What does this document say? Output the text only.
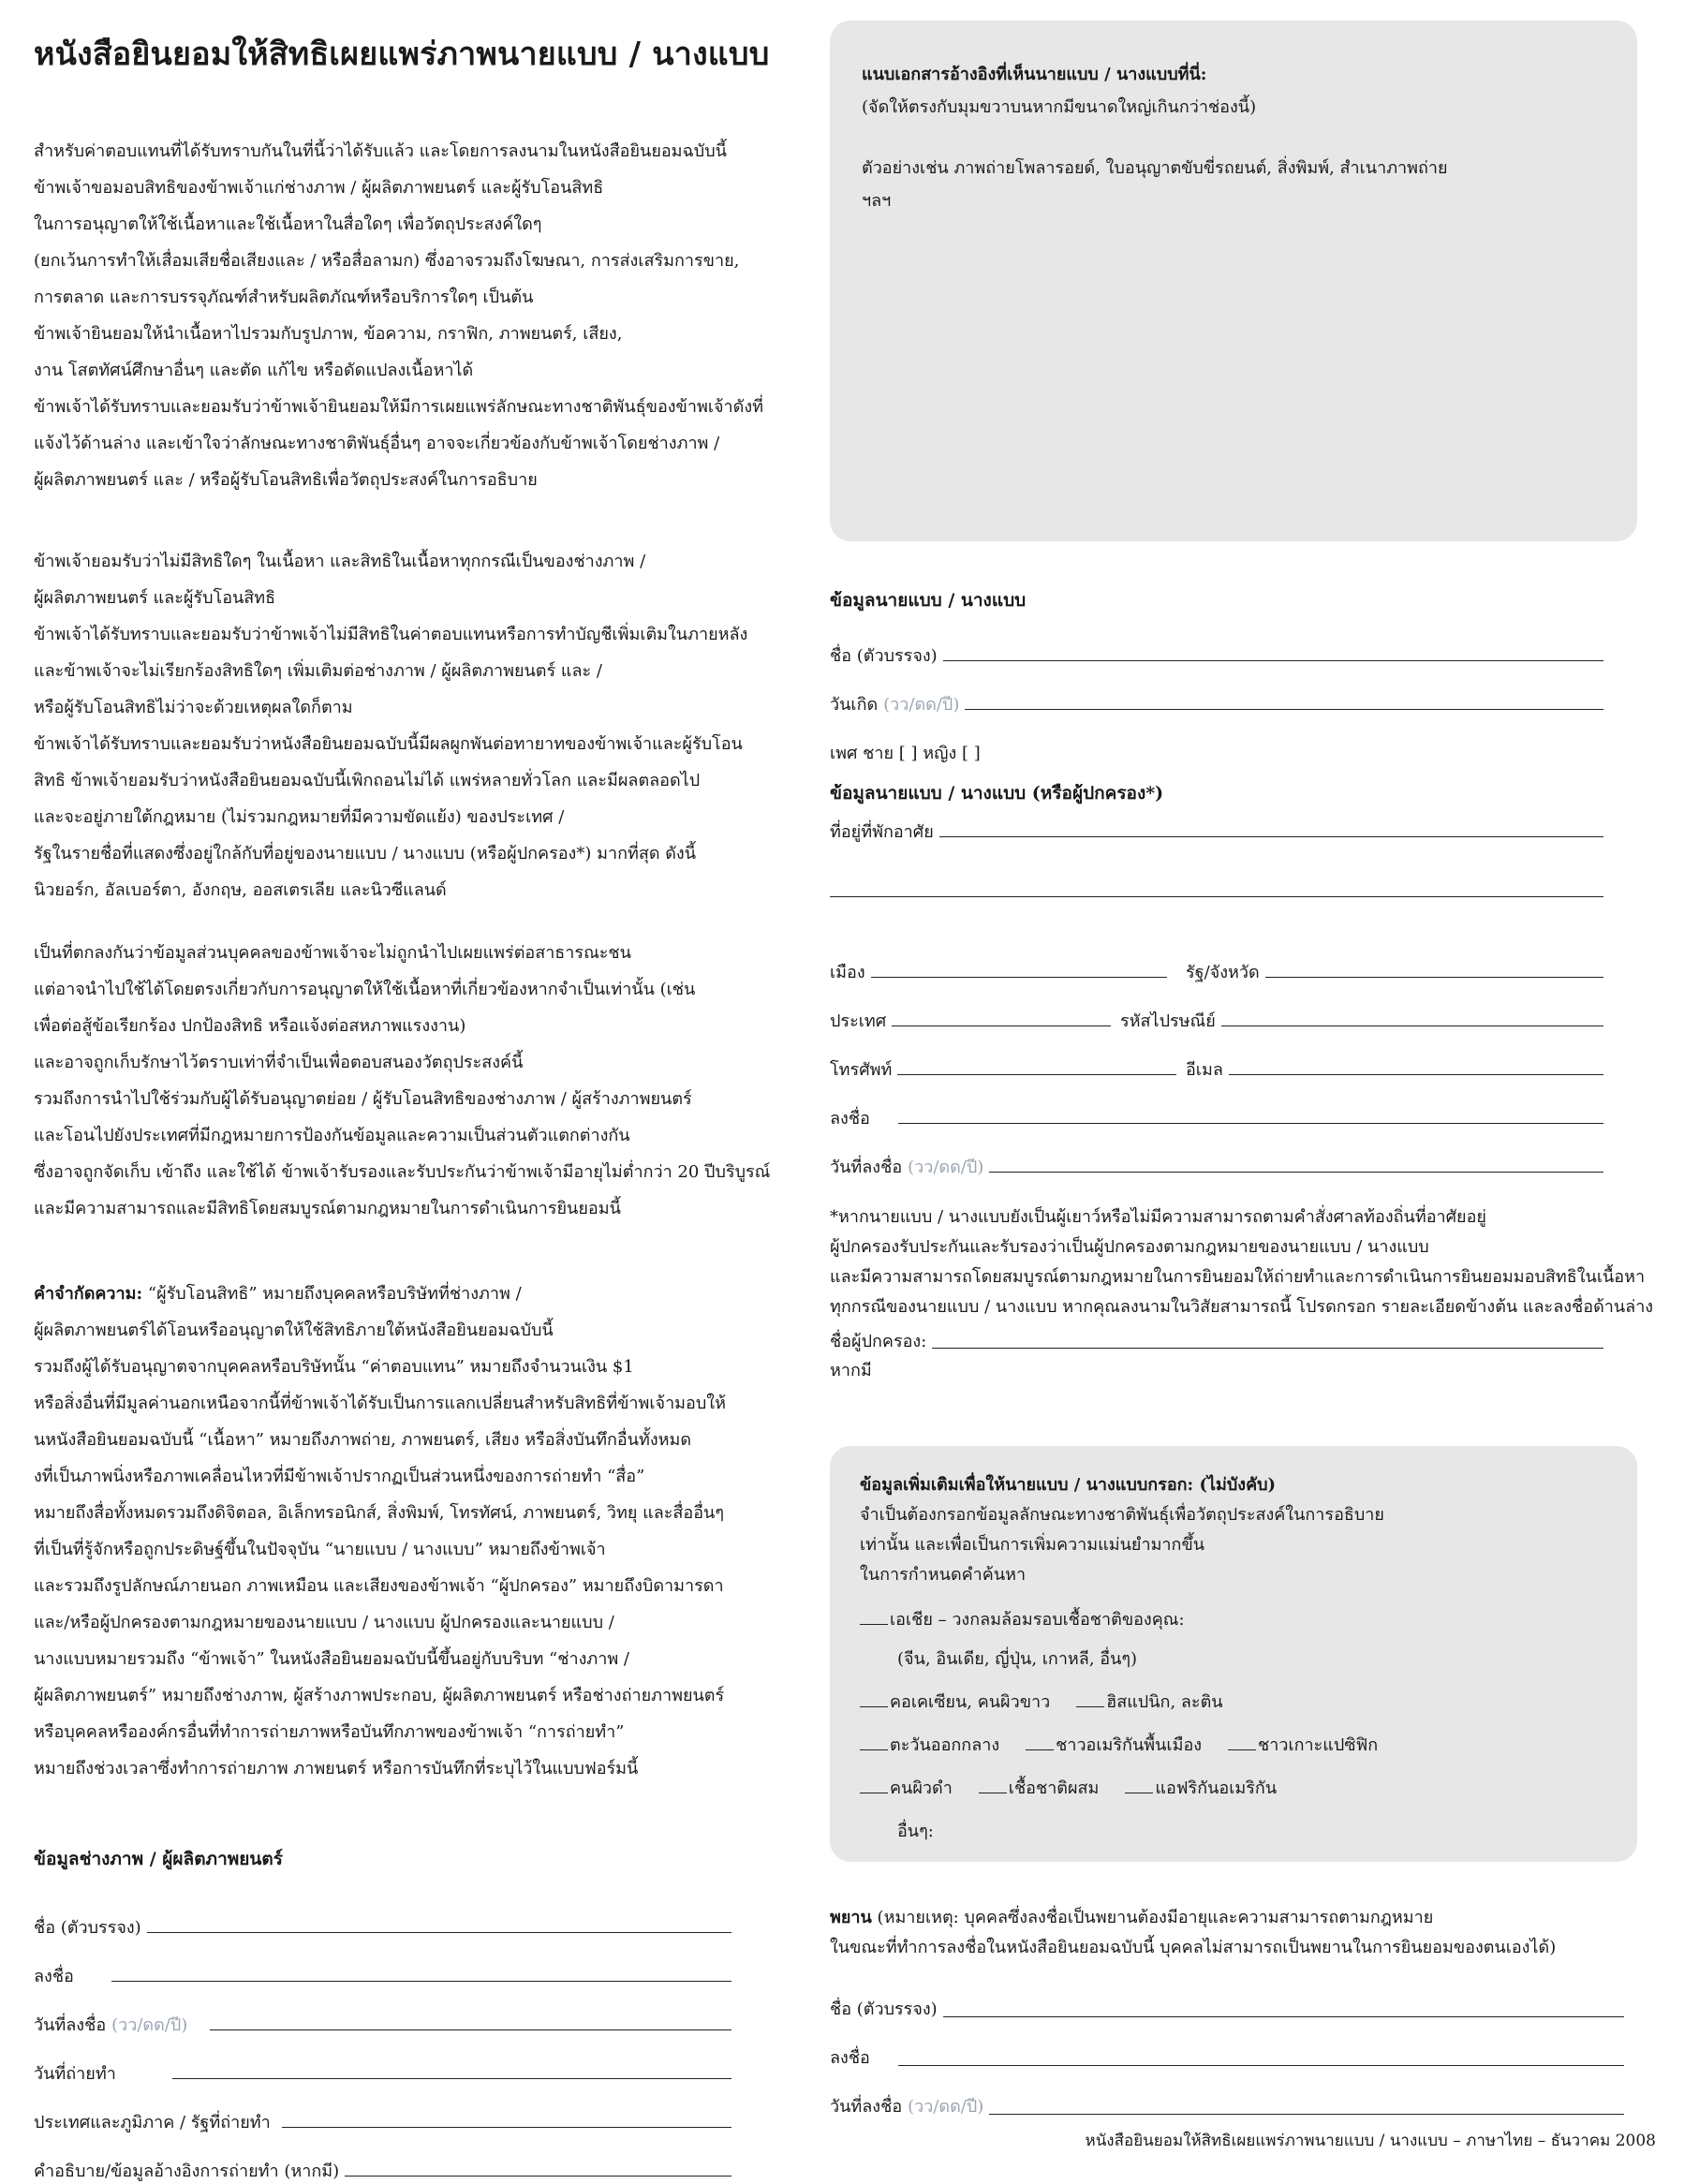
หนังสือยินยอมให้สิทธิเผยแพร่ภาพนายแบบ / นางแบบ
สำหรับค่าตอบแทนที่ได้รับทราบกันในที่นี้ว่าได้รับแล้ว และโดยการลงนามในหนังสือยินยอมฉบับนี้
ข้าพเจ้าขอมอบสิทธิของข้าพเจ้าแก่ช่างภาพ / ผู้ผลิตภาพยนตร์ และผู้รับโอนสิทธิ
ในการอนุญาตให้ใช้เนื้อหาและใช้เนื้อหาในสื่อใดๆ เพื่อวัตถุประสงค์ใดๆ
(ยกเว้นการทำให้เสื่อมเสียชื่อเสียงและ / หรือสื่อลามก) ซึ่งอาจรวมถึงโฆษณา, การส่งเสริมการขาย,
การตลาด และการบรรจุภัณฑ์สำหรับผลิตภัณฑ์หรือบริการใดๆ เป็นต้น
ข้าพเจ้ายินยอมให้นำเนื้อหาไปรวมกับรูปภาพ, ข้อความ, กราฟิก, ภาพยนตร์, เสียง,
งาน โสตทัศน์ศึกษาอื่นๆ และตัด แก้ไข หรือดัดแปลงเนื้อหาได้
ข้าพเจ้าได้รับทราบและยอมรับว่าข้าพเจ้ายินยอมให้มีการเผยแพร่ลักษณะทางชาติพันธุ์ของข้าพเจ้าดังที่
แจ้งไว้ด้านล่าง และเข้าใจว่าลักษณะทางชาติพันธุ์อื่นๆ อาจจะเกี่ยวข้องกับข้าพเจ้าโดยช่างภาพ /
ผู้ผลิตภาพยนตร์ และ / หรือผู้รับโอนสิทธิเพื่อวัตถุประสงค์ในการอธิบาย
ข้าพเจ้ายอมรับว่าไม่มีสิทธิใดๆ ในเนื้อหา และสิทธิในเนื้อหาทุกกรณีเป็นของช่างภาพ /
ผู้ผลิตภาพยนตร์ และผู้รับโอนสิทธิ
ข้าพเจ้าได้รับทราบและยอมรับว่าข้าพเจ้าไม่มีสิทธิในค่าตอบแทนหรือการทำบัญชีเพิ่มเติมในภายหลัง
และข้าพเจ้าจะไม่เรียกร้องสิทธิใดๆ เพิ่มเติมต่อช่างภาพ / ผู้ผลิตภาพยนตร์ และ /
หรือผู้รับโอนสิทธิไม่ว่าจะด้วยเหตุผลใดก็ตาม
ข้าพเจ้าได้รับทราบและยอมรับว่าหนังสือยินยอมฉบับนี้มีผลผูกพันต่อทายาทของข้าพเจ้าและผู้รับโอน
สิทธิ ข้าพเจ้ายอมรับว่าหนังสือยินยอมฉบับนี้เพิกถอนไม่ได้ แพร่หลายทั่วโลก และมีผลตลอดไป
และจะอยู่ภายใต้กฎหมาย (ไม่รวมกฎหมายที่มีความขัดแย้ง) ของประเทศ /
รัฐในรายชื่อที่แสดงซึ่งอยู่ใกล้กับที่อยู่ของนายแบบ / นางแบบ (หรือผู้ปกครอง*) มากที่สุด ดังนี้
นิวยอร์ก, อัลเบอร์ตา, อังกฤษ, ออสเตรเลีย และนิวซีแลนด์
เป็นที่ตกลงกันว่าข้อมูลส่วนบุคคลของข้าพเจ้าจะไม่ถูกนำไปเผยแพร่ต่อสาธารณะชน
แต่อาจนำไปใช้ได้โดยตรงเกี่ยวกับการอนุญาตให้ใช้เนื้อหาที่เกี่ยวข้องหากจำเป็นเท่านั้น (เช่น
เพื่อต่อสู้ข้อเรียกร้อง ปกป้องสิทธิ หรือแจ้งต่อสหภาพแรงงาน)
และอาจถูกเก็บรักษาไว้ตราบเท่าที่จำเป็นเพื่อตอบสนองวัตถุประสงค์นี้
รวมถึงการนำไปใช้ร่วมกับผู้ได้รับอนุญาตย่อย / ผู้รับโอนสิทธิของช่างภาพ / ผู้สร้างภาพยนตร์
และโอนไปยังประเทศที่มีกฎหมายการป้องกันข้อมูลและความเป็นส่วนตัวแตกต่างกัน
ซึ่งอาจถูกจัดเก็บ เข้าถึง และใช้ได้ ข้าพเจ้ารับรองและรับประกันว่าข้าพเจ้ามีอายุไม่ต่ำกว่า 20 ปีบริบูรณ์
และมีความสามารถและมีสิทธิโดยสมบูรณ์ตามกฎหมายในการดำเนินการยินยอมนี้
คำจำกัดความ: “ผู้รับโอนสิทธิ” หมายถึงบุคคลหรือบริษัทที่ช่างภาพ /
ผู้ผลิตภาพยนตร์ได้โอนหรืออนุญาตให้ใช้สิทธิภายใต้หนังสือยินยอมฉบับนี้
รวมถึงผู้ได้รับอนุญาตจากบุคคลหรือบริษัทนั้น “ค่าตอบแทน” หมายถึงจำนวนเงิน $1
หรือสิ่งอื่นที่มีมูลค่านอกเหนือจากนี้ที่ข้าพเจ้าได้รับเป็นการแลกเปลี่ยนสำหรับสิทธิที่ข้าพเจ้ามอบให้
นหนังสือยินยอมฉบับนี้ “เนื้อหา” หมายถึงภาพถ่าย, ภาพยนตร์, เสียง หรือสิ่งบันทึกอื่นทั้งหมด
งที่เป็นภาพนิ่งหรือภาพเคลื่อนไหวที่มีข้าพเจ้าปรากฏเป็นส่วนหนึ่งของการถ่ายทำ “สื่อ”
หมายถึงสื่อทั้งหมดรวมถึงดิจิตอล, อิเล็กทรอนิกส์, สิ่งพิมพ์, โทรทัศน์, ภาพยนตร์, วิทยุ และสื่ออื่นๆ
ที่เป็นที่รู้จักหรือถูกประดิษฐ์ขึ้นในปัจจุบัน “นายแบบ / นางแบบ” หมายถึงข้าพเจ้า
และรวมถึงรูปลักษณ์ภายนอก ภาพเหมือน และเสียงของข้าพเจ้า “ผู้ปกครอง” หมายถึงบิดามารดา
และ/หรือผู้ปกครองตามกฎหมายของนายแบบ / นางแบบ ผู้ปกครองและนายแบบ /
นางแบบหมายรวมถึง “ข้าพเจ้า” ในหนังสือยินยอมฉบับนี้ขึ้นอยู่กับบริบท “ช่างภาพ /
ผู้ผลิตภาพยนตร์” หมายถึงช่างภาพ, ผู้สร้างภาพประกอบ, ผู้ผลิตภาพยนตร์ หรือช่างถ่ายภาพยนตร์
หรือบุคคลหรือองค์กรอื่นที่ทำการถ่ายภาพหรือบันทึกภาพของข้าพเจ้า “การถ่ายทำ”
หมายถึงช่วงเวลาซึ่งทำการถ่ายภาพ ภาพยนตร์ หรือการบันทึกที่ระบุไว้ในแบบฟอร์มนี้
ข้อมูลช่างภาพ / ผู้ผลิตภาพยนตร์
ชื่อ (ตัวบรรจง)
ลงชื่อ
วันที่ลงชื่อ (วว/ดด/ปี)
วันที่ถ่ายทำ
ประเทศและภูมิภาค / รัฐที่ถ่ายทำ
คำอธิบาย/ข้อมูลอ้างอิงการถ่ายทำ (หากมี)

แนบเอกสารอ้างอิงที่เห็นนายแบบ / นางแบบที่นี่:

(จัดให้ตรงกับมุมขวาบนหากมีขนาดใหญ่เกินกว่าช่องนี้)

ตัวอย่างเช่น ภาพถ่ายโพลารอยด์, ใบอนุญาตขับขี่รถยนต์, สิ่งพิมพ์, สำเนาภาพถ่าย

ฯลฯ

ข้อมูลนายแบบ / นางแบบ
ชื่อ (ตัวบรรจง)
วันเกิด (วว/ดด/ปี)
เพศ ชาย [ ] หญิง [ ]
ข้อมูลนายแบบ / นางแบบ (หรือผู้ปกครอง*)
ที่อยู่ที่พักอาศัย
เมือง	รัฐ/จังหวัด
ประเทศ	รหัสไปรษณีย์
โทรศัพท์	อีเมล
ลงชื่อ
วันที่ลงชื่อ (วว/ดด/ปี)
*หากนายแบบ / นางแบบยังเป็นผู้เยาว์หรือไม่มีความสามารถตามคำสั่งศาลท้องถิ่นที่อาศัยอยู่
ผู้ปกครองรับประกันและรับรองว่าเป็นผู้ปกครองตามกฎหมายของนายแบบ / นางแบบ
และมีความสามารถโดยสมบูรณ์ตามกฎหมายในการยินยอมให้ถ่ายทำและการดำเนินการยินยอมมอบสิทธิในเนื้อหา
ทุกกรณีของนายแบบ / นางแบบ หากคุณลงนามในวิสัยสามารถนี้ โปรดกรอก รายละเอียดข้างต้น และลงชื่อด้านล่าง
ชื่อผู้ปกครอง:
หากมี
ข้อมูลเพิ่มเติมเพื่อให้นายแบบ / นางแบบกรอก: (ไม่บังคับ)
จำเป็นต้องกรอกข้อมูลลักษณะทางชาติพันธุ์เพื่อวัตถุประสงค์ในการอธิบาย
เท่านั้น และเพื่อเป็นการเพิ่มความแม่นยำมากขึ้น
ในการกำหนดคำค้นหา
เอเชีย – วงกลมล้อมรอบเชื้อชาติของคุณ:
(จีน, อินเดีย, ญี่ปุ่น, เกาหลี, อื่นๆ)
คอเคเซียน, คนผิวขาว	ฮิสแปนิก, ละติน
ตะวันออกกลาง	ชาวอเมริกันพื้นเมือง	ชาวเกาะแปซิฟิก
คนผิวดำ	เชื้อชาติผสม	แอฟริกันอเมริกัน
อื่นๆ:
พยาน (หมายเหตุ: บุคคลซึ่งลงชื่อเป็นพยานต้องมีอายุและความสามารถตามกฎหมาย
ในขณะที่ทำการลงชื่อในหนังสือยินยอมฉบับนี้ บุคคลไม่สามารถเป็นพยานในการยินยอมของตนเองได้)
ชื่อ (ตัวบรรจง)
ลงชื่อ
วันที่ลงชื่อ (วว/ดด/ปี)
หนังสือยินยอมให้สิทธิเผยแพร่ภาพนายแบบ / นางแบบ – ภาษาไทย – ธันวาคม 2008
